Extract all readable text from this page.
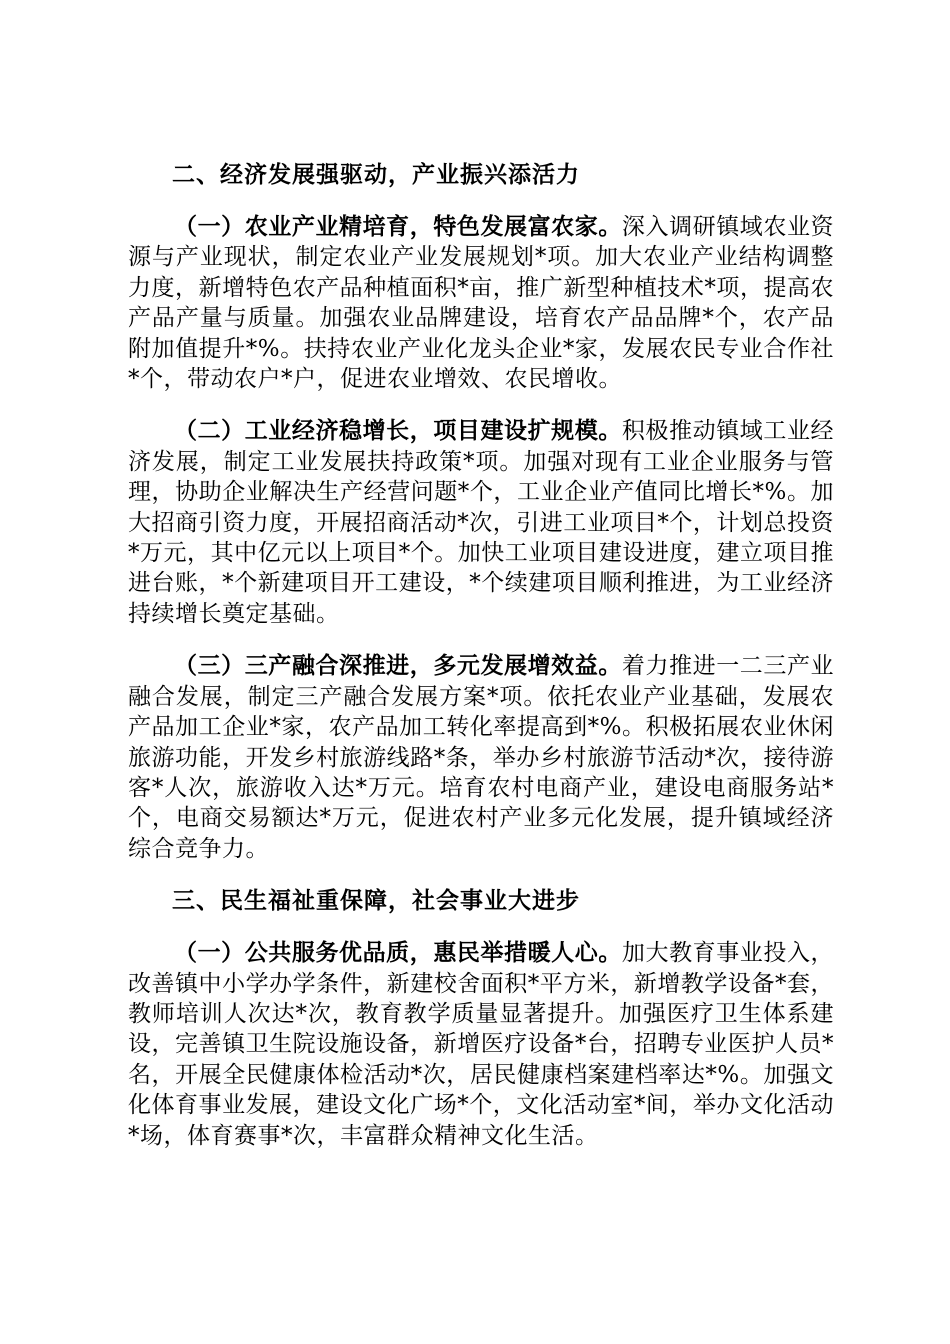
二、经济发展强驱动，产业振兴添活力

（一）农业产业精培育，特色发展富农家。深入调研镇域农业资源与产业现状，制定农业产业发展规划*项。加大农业产业结构调整力度，新增特色农产品种植面积*亩，推广新型种植技术*项，提高农产品产量与质量。加强农业品牌建设，培育农产品品牌*个，农产品附加值提升*%。扶持农业产业化龙头企业*家，发展农民专业合作社*个，带动农户*户，促进农业增效、农民增收。

（二）工业经济稳增长，项目建设扩规模。积极推动镇域工业经济发展，制定工业发展扶持政策*项。加强对现有工业企业服务与管理，协助企业解决生产经营问题*个，工业企业产值同比增长*%。加大招商引资力度，开展招商活动*次，引进工业项目*个，计划总投资*万元，其中亿元以上项目*个。加快工业项目建设进度，建立项目推进台账，*个新建项目开工建设，*个续建项目顺利推进，为工业经济持续增长奠定基础。

（三）三产融合深推进，多元发展增效益。着力推进一二三产业融合发展，制定三产融合发展方案*项。依托农业产业基础，发展农产品加工企业*家，农产品加工转化率提高到*%。积极拓展农业休闲旅游功能，开发乡村旅游线路*条，举办乡村旅游节活动*次，接待游客*人次，旅游收入达*万元。培育农村电商产业，建设电商服务站*个，电商交易额达*万元，促进农村产业多元化发展，提升镇域经济综合竞争力。

三、民生福祉重保障，社会事业大进步

（一）公共服务优品质，惠民举措暖人心。加大教育事业投入，改善镇中小学办学条件，新建校舍面积*平方米，新增教学设备*套，教师培训人次达*次，教育教学质量显著提升。加强医疗卫生体系建设，完善镇卫生院设施设备，新增医疗设备*台，招聘专业医护人员*名，开展全民健康体检活动*次，居民健康档案建档率达*%。加强文化体育事业发展，建设文化广场*个，文化活动室*间，举办文化活动*场，体育赛事*次，丰富群众精神文化生活。
